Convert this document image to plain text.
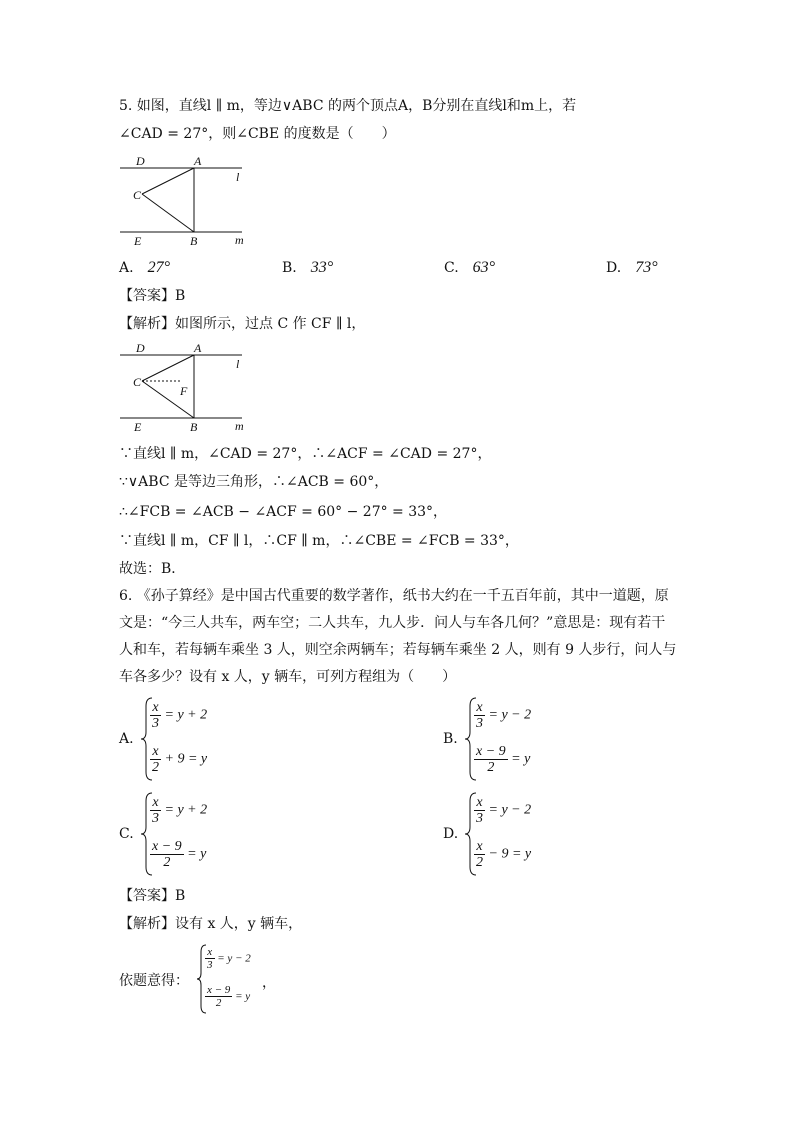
5. 如图，直线l ∥ m，等边∨ABC 的两个顶点A，B分别在直线l和m上，若
∠CAD = 27°，则∠CBE 的度数是（　　）
D	A
l
C
E	B	m
A. 27°	B. 33°	C. 63°	D. 73°
【答案】B
【解析】如图所示，过点 C 作 CF ∥ l，
D	A
l
C
F
E	B	m
∵直线l ∥ m，∠CAD = 27°，∴∠ACF = ∠CAD = 27°，
∵∨ABC 是等边三角形，∴∠ACB = 60°，
∴∠FCB = ∠ACB − ∠ACF = 60° − 27° = 33°，
∵直线l ∥ m，CF ∥ l，∴CF ∥ m，∴∠CBE = ∠FCB = 33°，
故选：B．
6. 《孙子算经》是中国古代重要的数学著作，纸书大约在一千五百年前，其中一道题，原
文是：“今三人共车，两车空；二人共车，九人步．问人与车各几何？”意思是：现有若干
人和车，若每辆车乘坐 3 人，则空余两辆车；若每辆车乘坐 2 人，则有 9 人步行，问人与
车各多少？设有 x 人，y 辆车，可列方程组为（　　）
A.
$\frac{x}{3} = y + 2$
$\frac{x}{2} + 9 = y$
B.
$\frac{x}{3} = y - 2$
$\frac{x - 9}{2} = y$
C.
$\frac{x}{3} = y + 2$
$\frac{x - 9}{2} = y$
D.
$\frac{x}{3} = y - 2$
$\frac{x}{2} - 9 = y$
【答案】B
【解析】设有 x 人，y 辆车，
依题意得：
$\frac{x}{3} = y - 2$
$\frac{x - 9}{2} = y$
，
